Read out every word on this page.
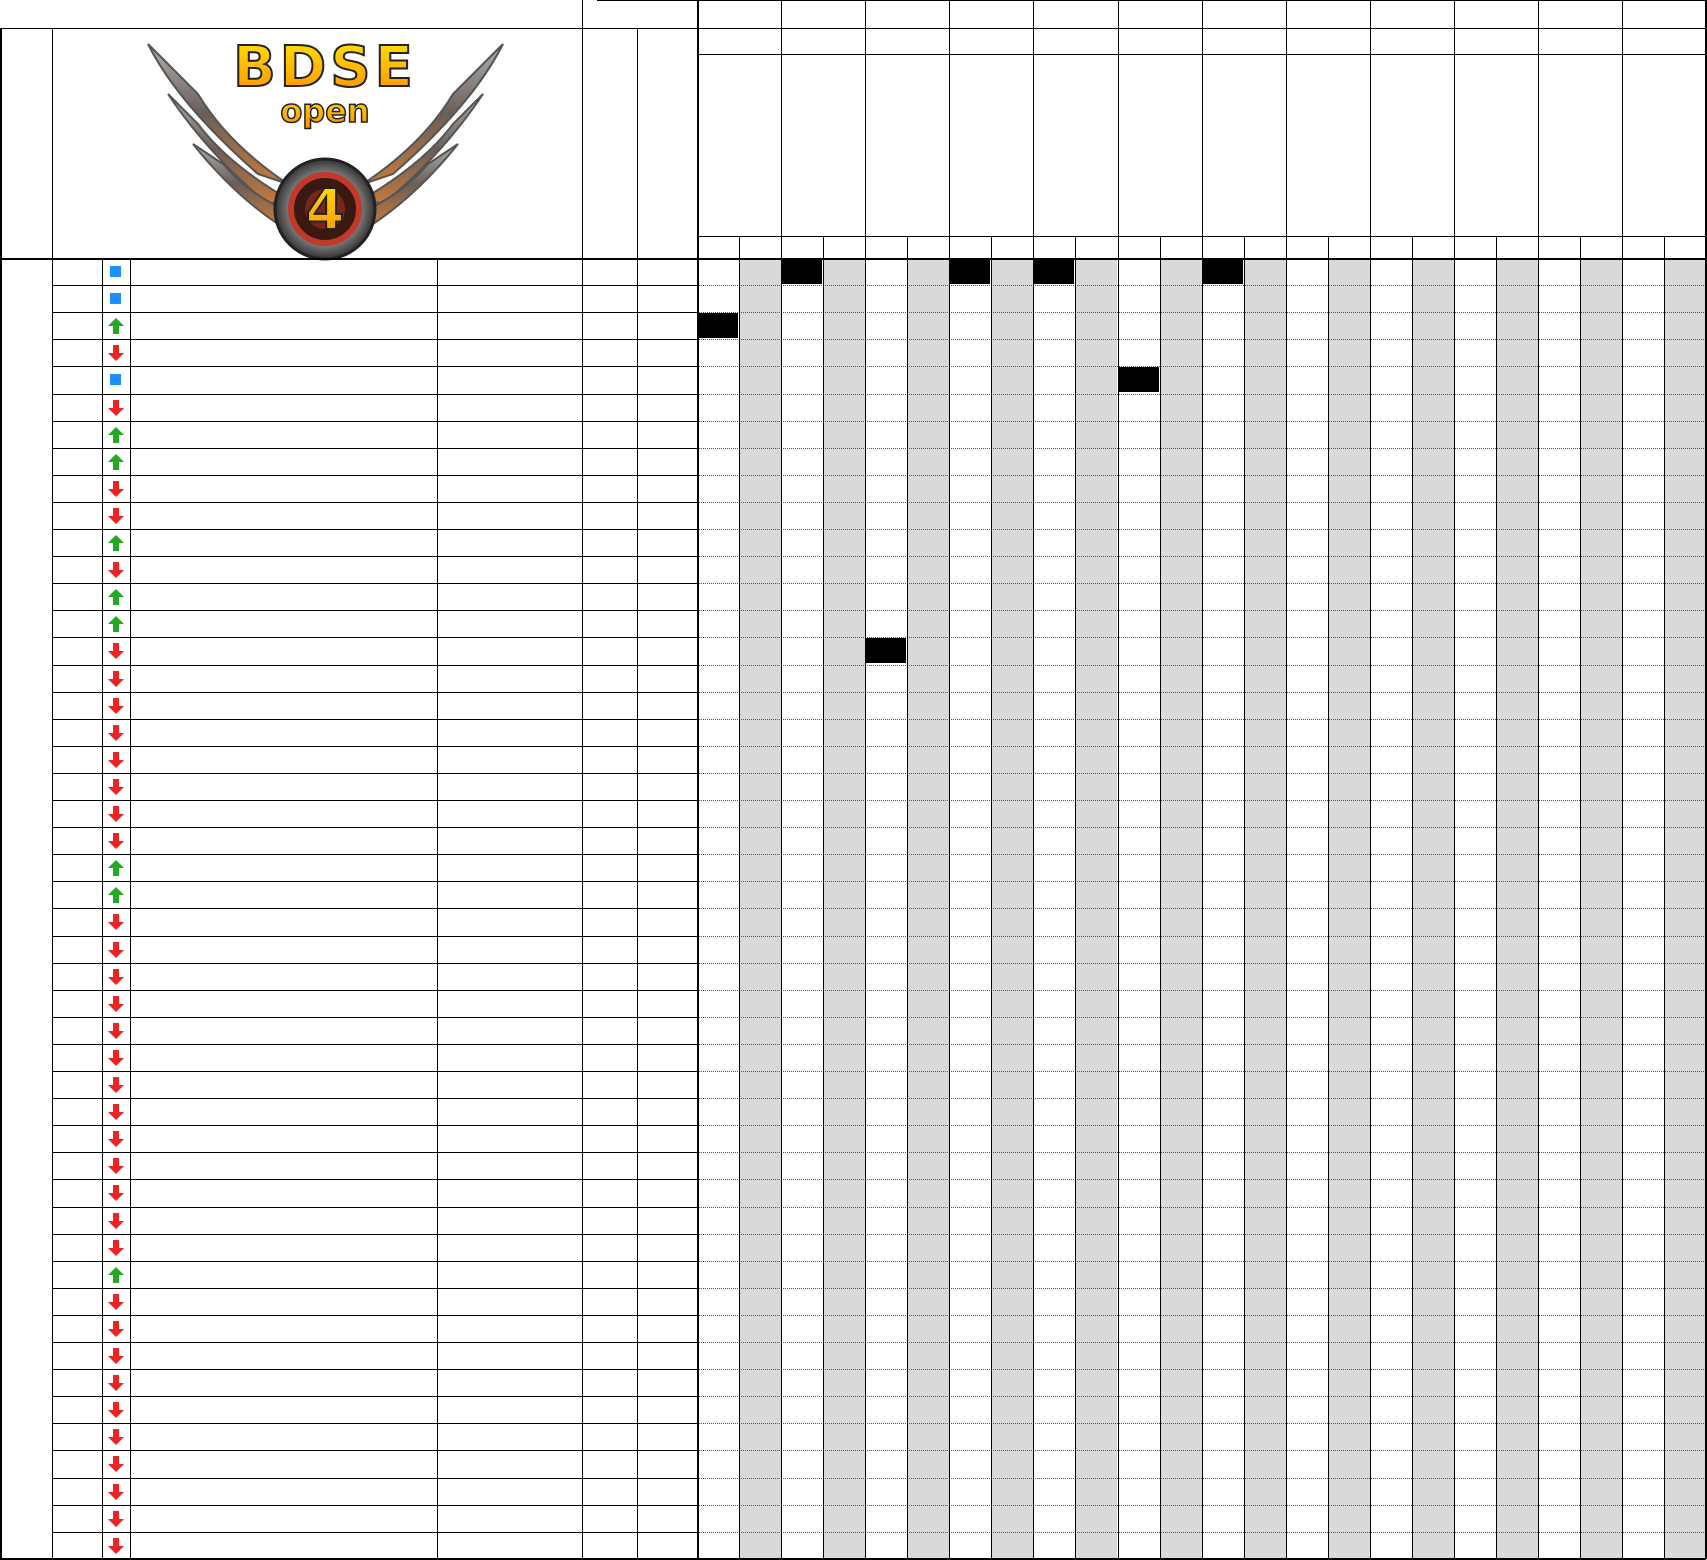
4
BDSE
open
